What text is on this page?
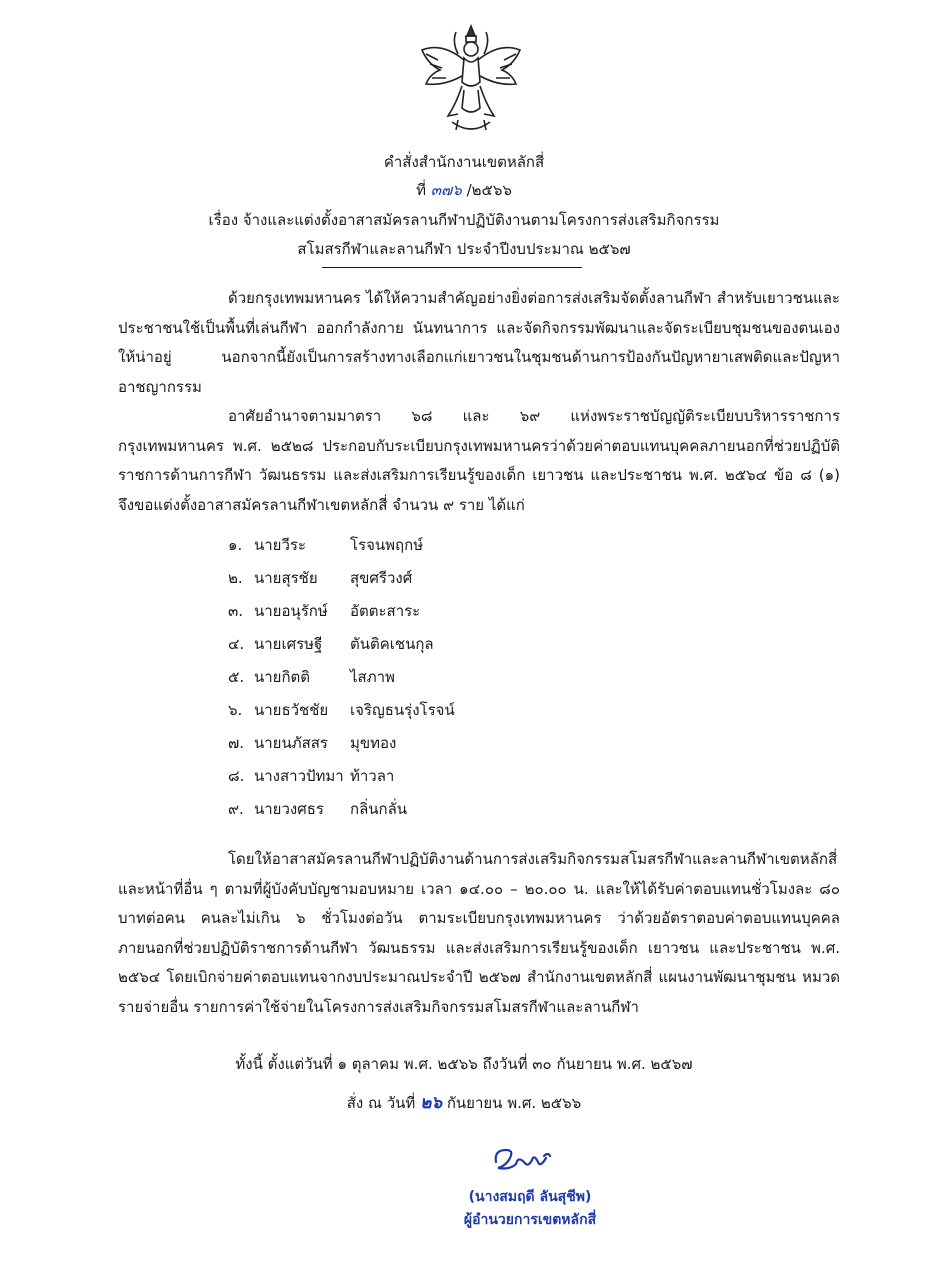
คำสั่งสำนักงานเขตหลักสี่
ที่ ๓๗๖ /๒๕๖๖
เรื่อง จ้างและแต่งตั้งอาสาสมัครลานกีฬาปฏิบัติงานตามโครงการส่งเสริมกิจกรรม
สโมสรกีฬาและลานกีฬา ประจำปีงบประมาณ ๒๕๖๗
ด้วยกรุงเทพมหานคร ได้ให้ความสำคัญอย่างยิ่งต่อการส่งเสริมจัดตั้งลานกีฬา สำหรับเยาวชนและประชาชนใช้เป็นพื้นที่เล่นกีฬา ออกกำลังกาย นันทนาการ และจัดกิจกรรมพัฒนาและจัดระเบียบชุมชนของตนเองให้น่าอยู่ นอกจากนี้ยังเป็นการสร้างทางเลือกแก่เยาวชนในชุมชนด้านการป้องกันปัญหายาเสพติดและปัญหาอาชญากรรม
อาศัยอำนาจตามมาตรา ๖๘ และ ๖๙ แห่งพระราชบัญญัติระเบียบบริหารราชการกรุงเทพมหานคร พ.ศ. ๒๕๒๘ ประกอบกับระเบียบกรุงเทพมหานครว่าด้วยค่าตอบแทนบุคคลภายนอกที่ช่วยปฏิบัติราชการด้านการกีฬา วัฒนธรรม และส่งเสริมการเรียนรู้ของเด็ก เยาวชน และประชาชน พ.ศ. ๒๕๖๔ ข้อ ๘ (๑) จึงขอแต่งตั้งอาสาสมัครลานกีฬาเขตหลักสี่ จำนวน ๙ ราย ได้แก่
๑. นายวีระ	โรจนพฤกษ์
๒. นายสุรชัย	สุขศรีวงศ์
๓. นายอนุรักษ์	อัตตะสาระ
๔. นายเศรษฐี	ตันติคเชนกุล
๕. นายกิตติ	ไสภาพ
๖. นายธวัชชัย	เจริญธนรุ่งโรจน์
๗. นายนภัสสร	มุขทอง
๘. นางสาวปัทมา ท้าวลา
๙. นายวงศธร	กลิ่นกลั่น
โดยให้อาสาสมัครลานกีฬาปฏิบัติงานด้านการส่งเสริมกิจกรรมสโมสรกีฬาและลานกีฬาเขตหลักสี่ และหน้าที่อื่น ๆ ตามที่ผู้บังคับบัญชามอบหมาย เวลา ๑๔.๐๐ – ๒๐.๐๐ น. และให้ได้รับค่าตอบแทนชั่วโมงละ ๘๐ บาทต่อคน คนละไม่เกิน ๖ ชั่วโมงต่อวัน ตามระเบียบกรุงเทพมหานคร ว่าด้วยอัตราตอบค่าตอบแทนบุคคลภายนอกที่ช่วยปฏิบัติราชการด้านกีฬา วัฒนธรรม และส่งเสริมการเรียนรู้ของเด็ก เยาวชน และประชาชน พ.ศ. ๒๕๖๔ โดยเบิกจ่ายค่าตอบแทนจากงบประมาณประจำปี ๒๕๖๗ สำนักงานเขตหลักสี่ แผนงานพัฒนาชุมชน หมวดรายจ่ายอื่น รายการค่าใช้จ่ายในโครงการส่งเสริมกิจกรรมสโมสรกีฬาและลานกีฬา
ทั้งนี้ ตั้งแต่วันที่ ๑ ตุลาคม พ.ศ. ๒๕๖๖ ถึงวันที่ ๓๐ กันยายน พ.ศ. ๒๕๖๗
สั่ง ณ วันที่ ๒๖ กันยายน พ.ศ. ๒๕๖๖
(นางสมฤดี ลันสุชีพ)
ผู้อำนวยการเขตหลักสี่
